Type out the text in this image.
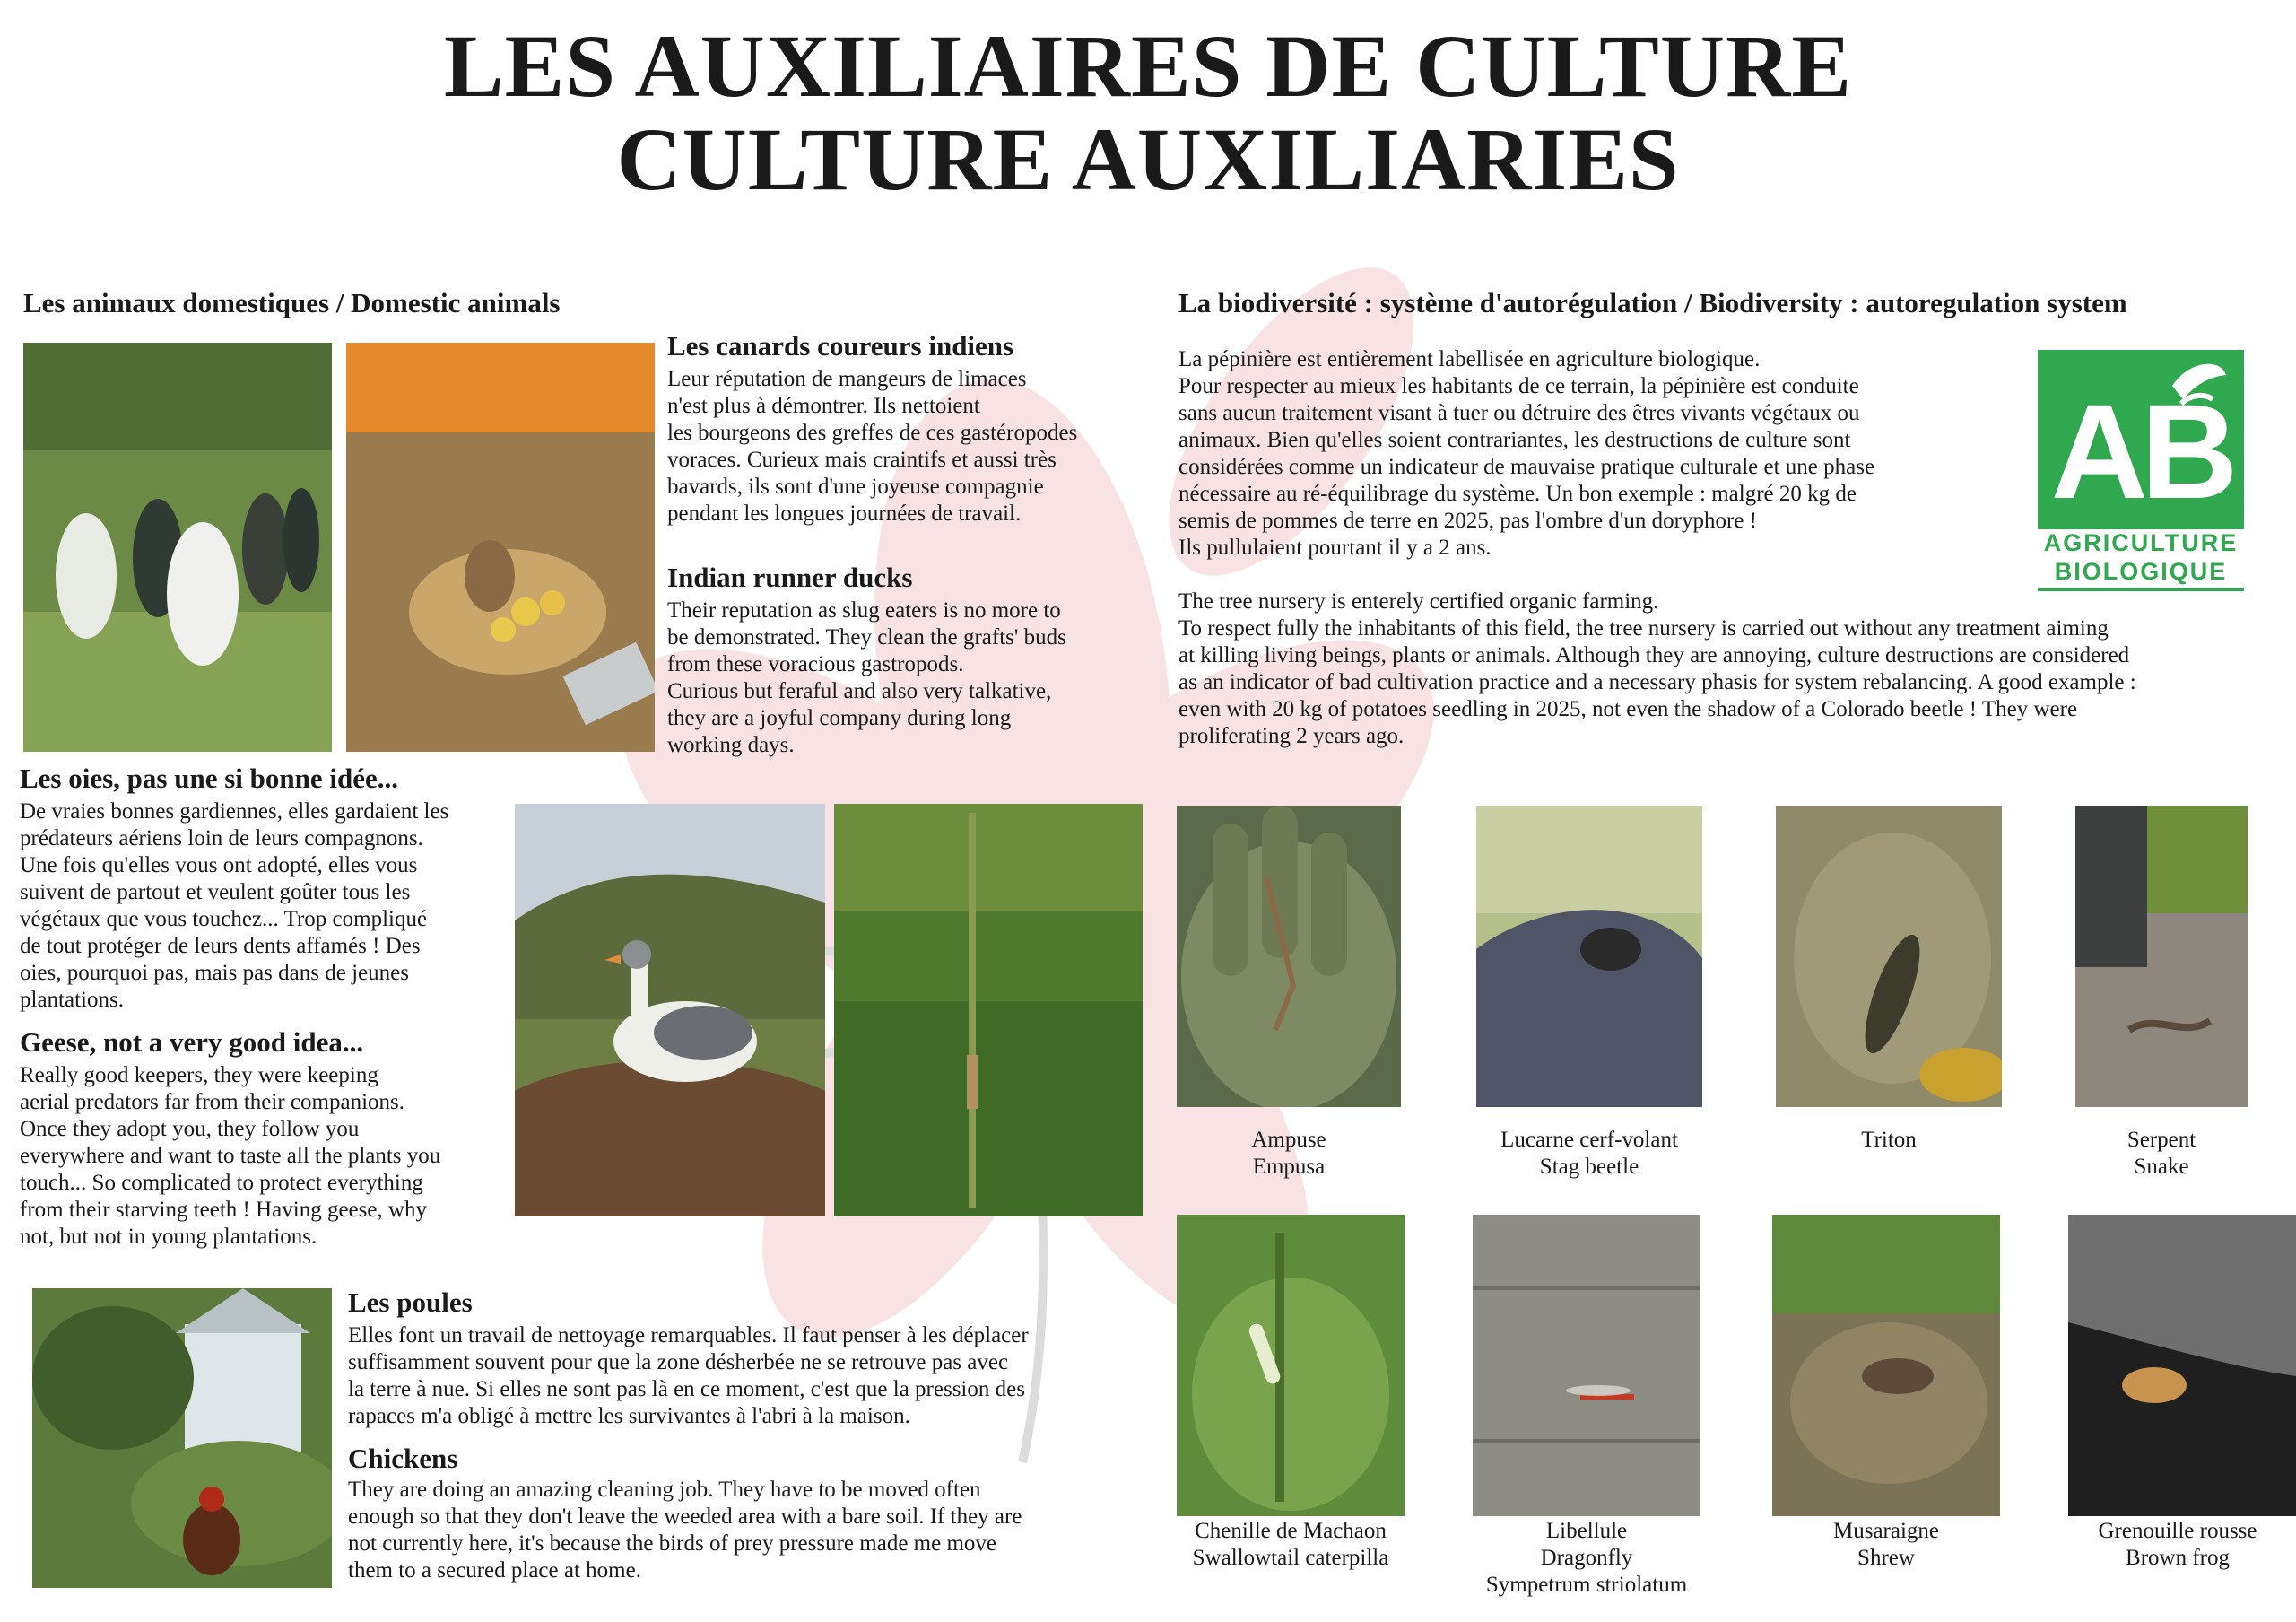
LES AUXILIAIRES DE CULTURE
CULTURE AUXILIARIES
Les animaux domestiques / Domestic animals
Les canards coureurs indiens

Leur réputation de mangeurs de limaces
n'est plus à démontrer. Ils nettoient
les bourgeons des greffes de ces gastéropodes
voraces. Curieux mais craintifs et aussi très
bavards, ils sont d'une joyeuse compagnie
pendant les longues journées de travail.

Indian runner ducks

Their reputation as slug eaters is no more to
be demonstrated. They clean the grafts' buds
from these voracious gastropods.
Curious but feraful and also very talkative,
they are a joyful company during long
working days.

Les oies, pas une si bonne idée...

De vraies bonnes gardiennes, elles gardaient les
prédateurs aériens loin de leurs compagnons.
Une fois qu'elles vous ont adopté, elles vous
suivent de partout et veulent goûter tous les
végétaux que vous touchez... Trop compliqué
de tout protéger de leurs dents affamés ! Des
oies, pourquoi pas, mais pas dans de jeunes
plantations.

Geese, not a very good idea...

Really good keepers, they were keeping
aerial predators far from their companions.
Once they adopt you, they follow you
everywhere and want to taste all the plants you
touch... So complicated to protect everything
from their starving teeth ! Having geese, why
not, but not in young plantations.

Les poules

Elles font un travail de nettoyage remarquables. Il faut penser à les déplacer
suffisamment souvent pour que la zone désherbée ne se retrouve pas avec
la terre à nue. Si elles ne sont pas là en ce moment, c'est que la pression des
rapaces m'a obligé à mettre les survivantes à l'abri à la maison.

Chickens

They are doing an amazing cleaning job. They have to be moved often
enough so that they don't leave the weeded area with a bare soil. If they are
not currently here, it's because the birds of prey pressure made me move
them to a secured place at home.

La biodiversité : système d'autorégulation / Biodiversity : autoregulation system

La pépinière est entièrement labellisée en agriculture biologique.
Pour respecter au mieux les habitants de ce terrain, la pépinière est conduite
sans aucun traitement visant à tuer ou détruire des êtres vivants végétaux ou
animaux. Bien qu'elles soient contrariantes, les destructions de culture sont
considérées comme un indicateur de mauvaise pratique culturale et une phase
nécessaire au ré-équilibrage du système. Un bon exemple : malgré 20 kg de
semis de pommes de terre en 2025, pas l'ombre d'un doryphore !
Ils pullulaient pourtant il y a 2 ans.

The tree nursery is enterely certified organic farming.
To respect fully the inhabitants of this field, the tree nursery is carried out without any treatment aiming
at killing living beings, plants or animals. Although they are annoying, culture destructions are considered
as an indicator of bad cultivation practice and a necessary phasis for system rebalancing. A good example :
even with 20 kg of potatoes seedling in 2025, not even the shadow of a Colorado beetle ! They were
proliferating 2 years ago.

AB
AGRICULTURE
BIOLOGIQUE
Ampuse
Empusa
Lucarne cerf-volant
Stag beetle
Triton	Serpent
Snake
Chenille de Machaon
Swallowtail caterpilla
Libellule
Dragonfly
Sympetrum striolatum
Musaraigne
Shrew
Grenouille rousse
Brown frog
